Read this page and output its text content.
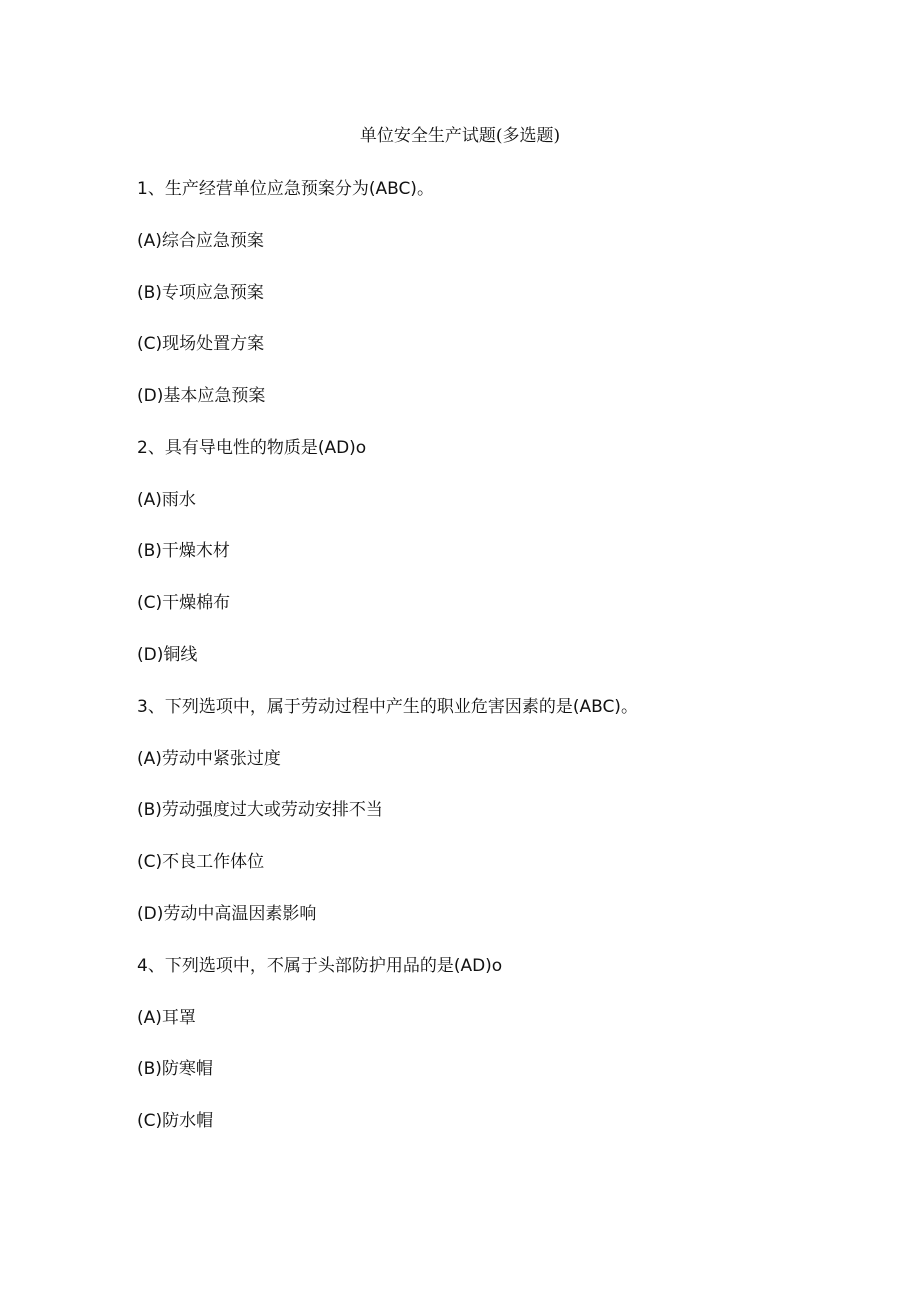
单位安全生产试题(多选题)
1、生产经营单位应急预案分为(ABC)。
(A)综合应急预案
(B)专项应急预案
(C)现场处置方案
(D)基本应急预案
2、具有导电性的物质是(AD)o
(A)雨水
(B)干燥木材
(C)干燥棉布
(D)铜线
3、下列选项中，属于劳动过程中产生的职业危害因素的是(ABC)。
(A)劳动中紧张过度
(B)劳动强度过大或劳动安排不当
(C)不良工作体位
(D)劳动中高温因素影响
4、下列选项中，不属于头部防护用品的是(AD)o
(A)耳罩
(B)防寒帽
(C)防水帽
